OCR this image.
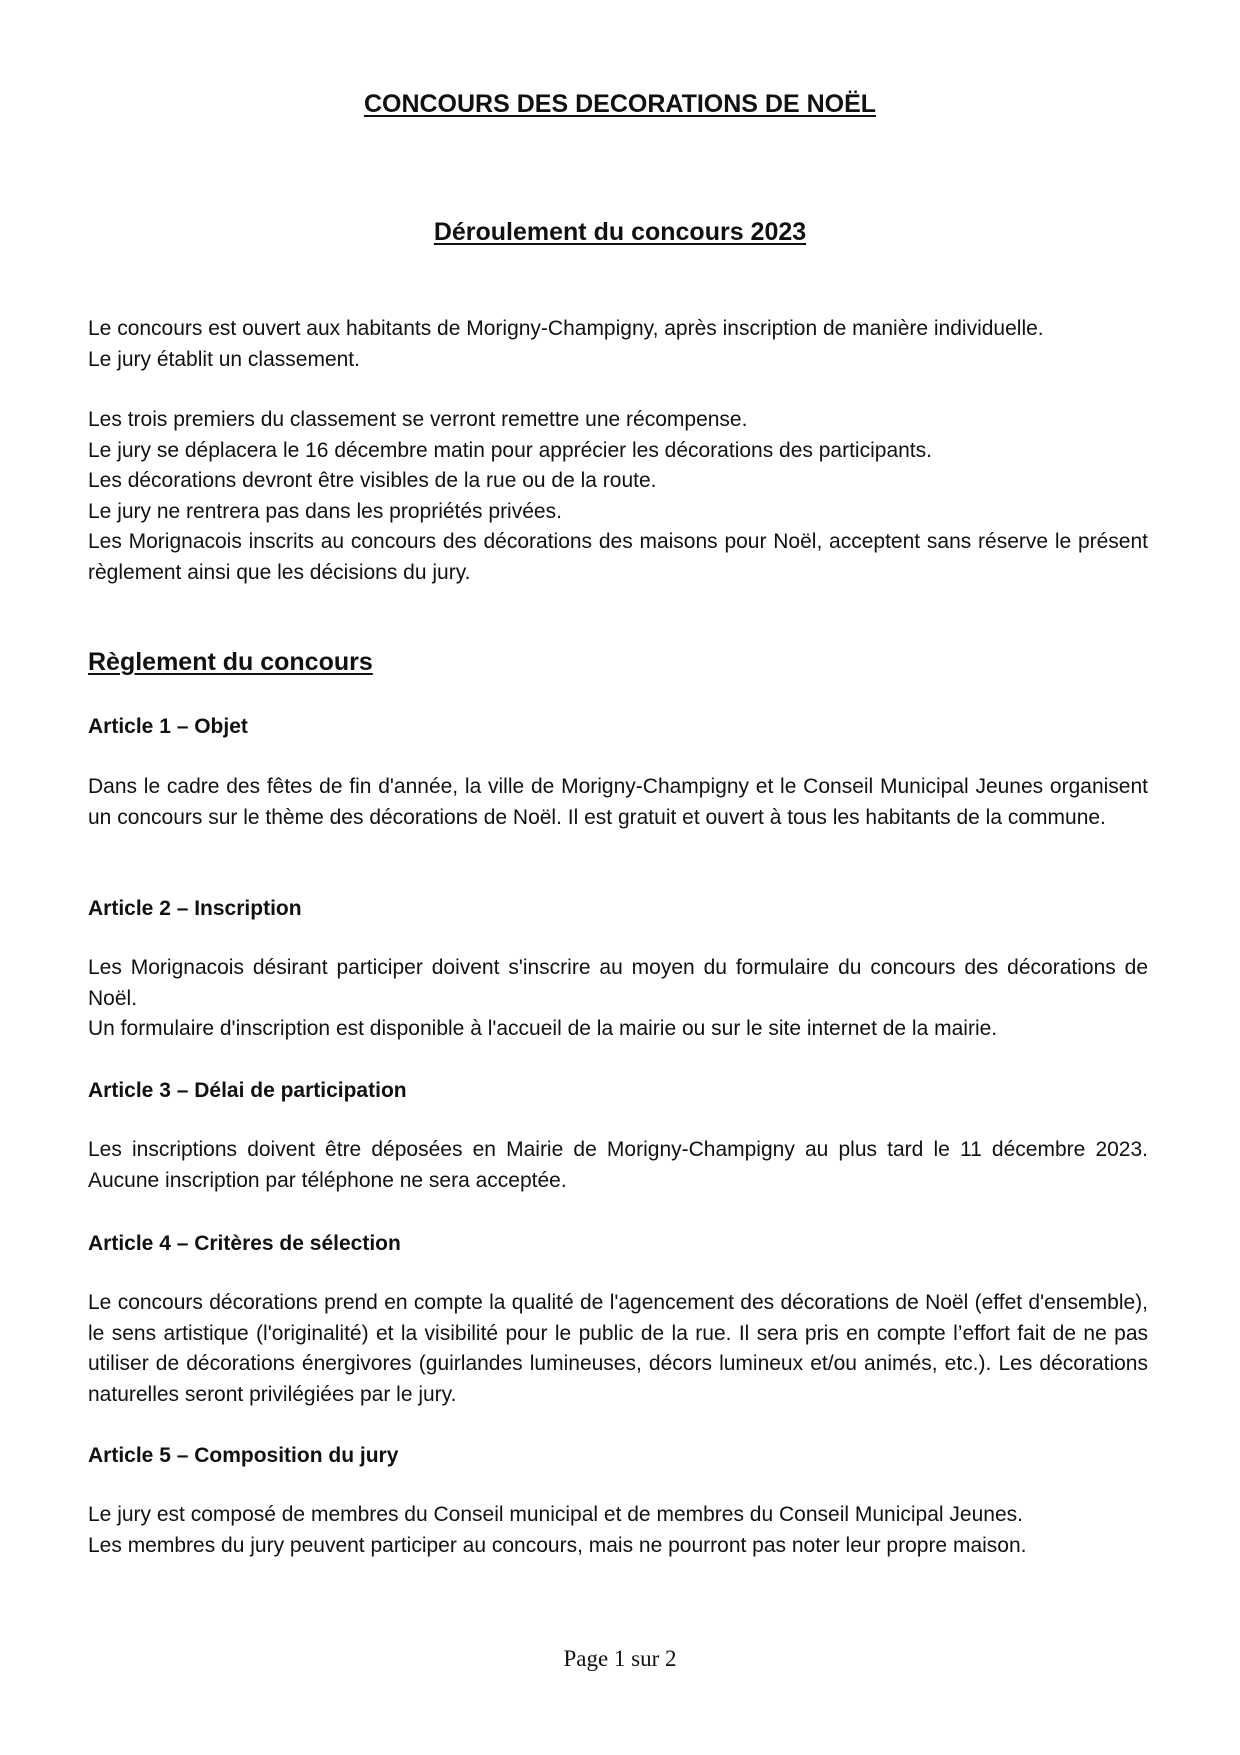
CONCOURS DES DECORATIONS DE NOËL
Déroulement du concours 2023

Le concours est ouvert aux habitants de Morigny-Champigny, après inscription de manière individuelle.

Le jury établit un classement.

Les trois premiers du classement se verront remettre une récompense.

Le jury se déplacera le 16 décembre matin pour apprécier les décorations des participants.

Les décorations devront être visibles de la rue ou de la route.

Le jury ne rentrera pas dans les propriétés privées.

Les Morignacois inscrits au concours des décorations des maisons pour Noël, acceptent sans réserve le présent règlement ainsi que les décisions du jury.

Règlement du concours
Article 1 – Objet

Dans le cadre des fêtes de fin d'année, la ville de Morigny-Champigny et le Conseil Municipal Jeunes organisent un concours sur le thème des décorations de Noël. Il est gratuit et ouvert à tous les habitants de la commune.

Article 2 – Inscription

Les Morignacois désirant participer doivent s'inscrire au moyen du formulaire du concours des décorations de Noël.

Un formulaire d'inscription est disponible à l'accueil de la mairie ou sur le site internet de la mairie.

Article 3 – Délai de participation

Les inscriptions doivent être déposées en Mairie de Morigny-Champigny au plus tard le 11 décembre 2023. Aucune inscription par téléphone ne sera acceptée.

Article 4 – Critères de sélection

Le concours décorations prend en compte la qualité de l'agencement des décorations de Noël (effet d'ensemble), le sens artistique (l'originalité) et la visibilité pour le public de la rue. Il sera pris en compte l’effort fait de ne pas utiliser de décorations énergivores (guirlandes lumineuses, décors lumineux et/ou animés, etc.). Les décorations naturelles seront privilégiées par le jury.

Article 5 – Composition du jury

Le jury est composé de membres du Conseil municipal et de membres du Conseil Municipal Jeunes.

Les membres du jury peuvent participer au concours, mais ne pourront pas noter leur propre maison.

Page 1 sur 2
